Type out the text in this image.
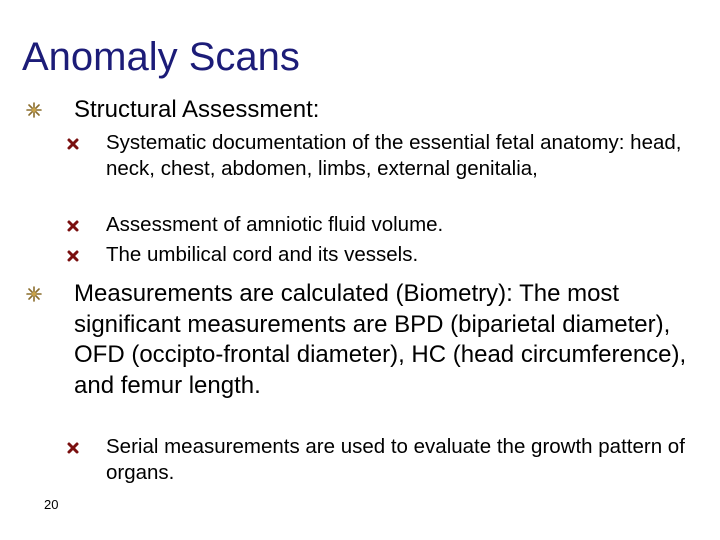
Anomaly Scans
Structural Assessment:
Systematic documentation of the essential fetal anatomy: head, neck, chest, abdomen, limbs, external genitalia,
Assessment of amniotic fluid volume.
The umbilical cord and its vessels.
Measurements are calculated (Biometry): The most significant measurements are BPD (biparietal diameter), OFD (occipto-frontal diameter), HC (head circumference), and femur length.
Serial measurements are used to evaluate the growth pattern of organs.
20
